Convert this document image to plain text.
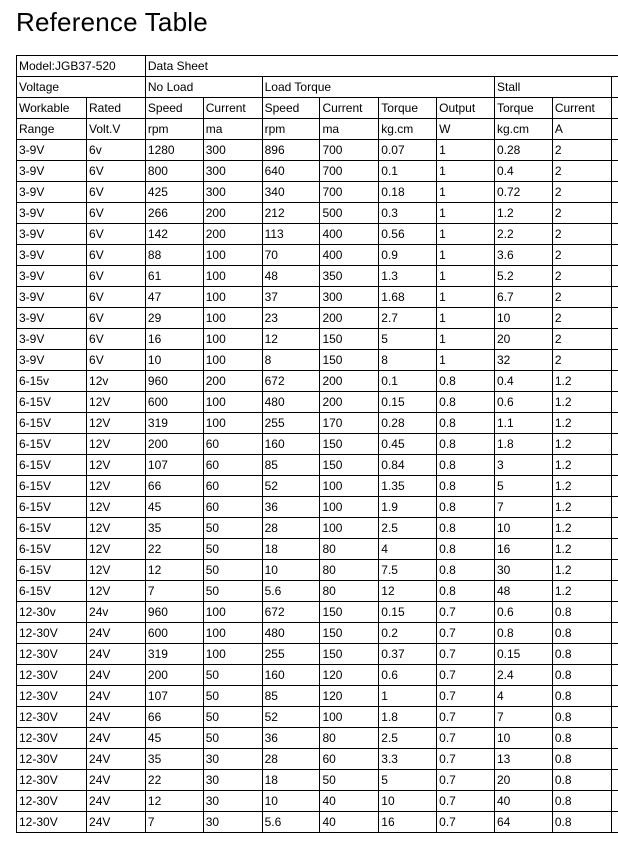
Reference Table
Model:JGB37-520		Data Sheet								
Voltage		No Load		Load Torque				Stall		
Workable	Rated	Speed	Current	Speed	Current	Torque	Output	Torque	Current	
Range	Volt.V	rpm	ma	rpm	ma	kg.cm	W	kg.cm	A	
3-9V	6v	1280	300	896	700	0.07	1	0.28	2	
3-9V	6V	800	300	640	700	0.1	1	0.4	2	
3-9V	6V	425	300	340	700	0.18	1	0.72	2	
3-9V	6V	266	200	212	500	0.3	1	1.2	2	
3-9V	6V	142	200	113	400	0.56	1	2.2	2	
3-9V	6V	88	100	70	400	0.9	1	3.6	2	
3-9V	6V	61	100	48	350	1.3	1	5.2	2	
3-9V	6V	47	100	37	300	1.68	1	6.7	2	
3-9V	6V	29	100	23	200	2.7	1	10	2	
3-9V	6V	16	100	12	150	5	1	20	2	
3-9V	6V	10	100	8	150	8	1	32	2	
6-15v	12v	960	200	672	200	0.1	0.8	0.4	1.2	
6-15V	12V	600	100	480	200	0.15	0.8	0.6	1.2	
6-15V	12V	319	100	255	170	0.28	0.8	1.1	1.2	
6-15V	12V	200	60	160	150	0.45	0.8	1.8	1.2	
6-15V	12V	107	60	85	150	0.84	0.8	3	1.2	
6-15V	12V	66	60	52	100	1.35	0.8	5	1.2	
6-15V	12V	45	60	36	100	1.9	0.8	7	1.2	
6-15V	12V	35	50	28	100	2.5	0.8	10	1.2	
6-15V	12V	22	50	18	80	4	0.8	16	1.2	
6-15V	12V	12	50	10	80	7.5	0.8	30	1.2	
6-15V	12V	7	50	5.6	80	12	0.8	48	1.2	
12-30v	24v	960	100	672	150	0.15	0.7	0.6	0.8	
12-30V	24V	600	100	480	150	0.2	0.7	0.8	0.8	
12-30V	24V	319	100	255	150	0.37	0.7	0.15	0.8	
12-30V	24V	200	50	160	120	0.6	0.7	2.4	0.8	
12-30V	24V	107	50	85	120	1	0.7	4	0.8	
12-30V	24V	66	50	52	100	1.8	0.7	7	0.8	
12-30V	24V	45	50	36	80	2.5	0.7	10	0.8	
12-30V	24V	35	30	28	60	3.3	0.7	13	0.8	
12-30V	24V	22	30	18	50	5	0.7	20	0.8	
12-30V	24V	12	30	10	40	10	0.7	40	0.8	
12-30V	24V	7	30	5.6	40	16	0.7	64	0.8	
